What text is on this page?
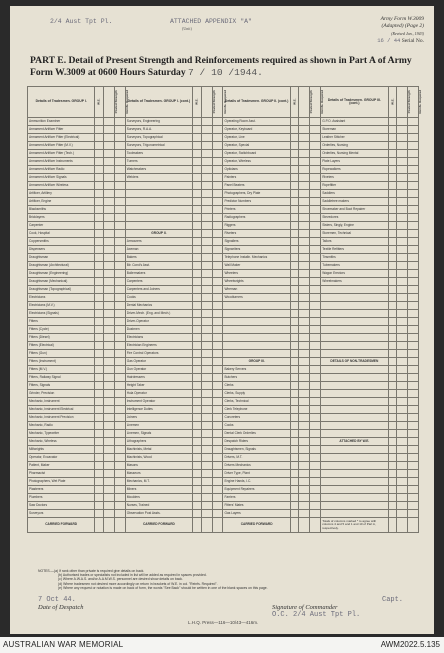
2/4 Aust Tpt Pl.	ATTACHED APPENDIX "A"
(Unit)
Army Form W.3009
(Adapted) (Page 2)
(Revised Jan., 1943)
16 / 44 Serial No.
PART E. Detail of Present Strength and Reinforcements required as shown in Part A of Army Form W.3009 at 0600 Hours Saturday 7 / 10 /1944.
Details of Tradesmen. GROUP I.	W.E.	Posted Strength	Reinfs. Required	Details of Tradesmen. GROUP I. (cont.)	W.E.	Posted Strength	Reinfs. Required	Details of Tradesmen. GROUP II. (cont.)	W.E.	Posted Strength	Reinfs. Required	Details of Tradesmen. GROUP III. (cont.)	W.E.	Posted Strength	Reinfs. Required
Ammunition Examiner				Surveyors, Engineering				Operating Room Asst.				G.P.O. Assistant			
Armament Artificer Fitter				Surveyors, R.A.A.				Operator, Keyboard				Storeman			
Armament Artificer Fitter (Electrical)				Surveyors, Topographical				Operator, Line				Leather Stitcher			
Armament Artificer Fitter (M.V.)				Surveyors, Trigonometrical				Operator, Special				Orderlies, Nursing			
Armament Artificer Fitter (Tech.)				Toolmakers				Operator, Switchboard				Orderlies, Nursing Mental			
Armament Artificer Instruments				Turners				Operator, Wireless				Plate Layers			
Armament Artificer Radio				Watchmakers				Opticians				Ropewalkers			
Armament Artificer Signals				Welders				Painters				Riveters			
Armament Artificer Wireless								Panel Beaters				Ropefitter			
Artificer, Artillery								Photographers, Dry Plate				Saddlers			
Artificer, Engine								Predictor Numbers				Saddletree makers			
Blacksmiths								Printers				Shoemaker and Boot Repairer			
Bricklayers								Radiographers				Stevedores			
Carpenter								Riggers				Sisters, Singly, Engine			
Cook, Hospital				GROUP II.				Riveters				Storemen, Technical			
Coppersmiths				Armourers				Signallers				Tailors			
Dispensers				Axeman				Signwriters				Textile Refitters			
Draughtsman				Bakers				Telephone Installn. Mechanics				Tinsmiths			
Draughtsman (Architectural)				Blr. Cond's Asst.				Wall Maker				Tubemakers			
Draughtsman (Engineering)				Boilermakers				Wheelers				Wagon Erectors			
Draughtsman (Mechanical)				Carpenters				Wheelwrights				Wheelmakers			
Draughtsman (Topographical)				Carpenters and Joiners				Wireman							
Electricians				Cooks				Woodturners							
Electricians (M.V.)				Dental Mechanics											
Electricians (Signals)				Driver-Mech. (Eng. and Mech.)											
Fitters				Driver-Operator											
Fitters (Cycle)				Dustmen											
Fitters (Diesel)				Electricians											
Fitters (Electrical)				Electrician Engineers											
Fitters (Gun)				Fire Control Operators											
Fitters (Instrument)				Gas Operator				GROUP III.				DETAILS OF NON-TRADESMEN			
Fitters (M.V.)				Gun Operator				Bakery Servers							
Fitters, Railway Signal				Hairdressers				Butchers							
Fitters, Signals				Height Taker				Clerks							
Grinder, Precision				Hula Operator				Clerks, Supply							
Mechanic, Instrument				Instrument Operator				Clerks, Technical							
Mechanic, Instrument Electrical				Intelligence Duties				Clerk Telephone							
Mechanic, Instrument Precision				Joiners				Concreters							
Mechanic, Radio				Linemen				Cooks							
Mechanic, Typewriter				Linemen, Signals				Dental Clerk Orderlies							
Mechanic, Wireless				Lithographers				Despatch Riders				ATTACHED BY W.E.			
Millwrights				Machinists, Metal				Draughtsmen, Signals							
Operator, Excavator				Machinists, Wood				Drivers, M.T.							
Patient, Maker				Masons				Drivers Mechanics							
Pharmacist				Masseurs				Driver Type, Plant							
Photographers, Wet Plate				Mechanics, M.T.				Engine Hands, I.C.							
Plasterers				Miners				Equipment Repairers							
Plumbers				Moulders				Farriers							
Saw Doctors				Nurses, Trained				Fitters' Mates							
Surveyors				Observation Post Assts.				Gas Layers							
CARRIED FORWARD				CARRIED FORWARD				CARRIED FORWARD				Totals of columns marked * to agree with columns 4 and 5 and 1 and 10 of Part A, respectively.			
NOTES.—(a) If rank other than private is required give details on back.
(b) Authorised trades or specialists not included in list will be added as required in spaces provided.
(c) Where A.W.A.S. and/or A.A.M.W.S. personnel are desired show details on back.
(d) Where tradesmen not desired more accordingly on return in brackets of W.E. in col. "Reinfs. Required".
(e) Where any request or notation is made on back of form, the words "See Back" should be written in one of the blank spaces on this page.
7 Oct 44.
Date of Despatch
Capt.
Signature of Commander
O.C. 2/4 Aust Tpt Pl.
L.H.Q. Press—116—10/43—416m.
AUSTRALIAN WAR MEMORIAL	AWM2022.5.135
